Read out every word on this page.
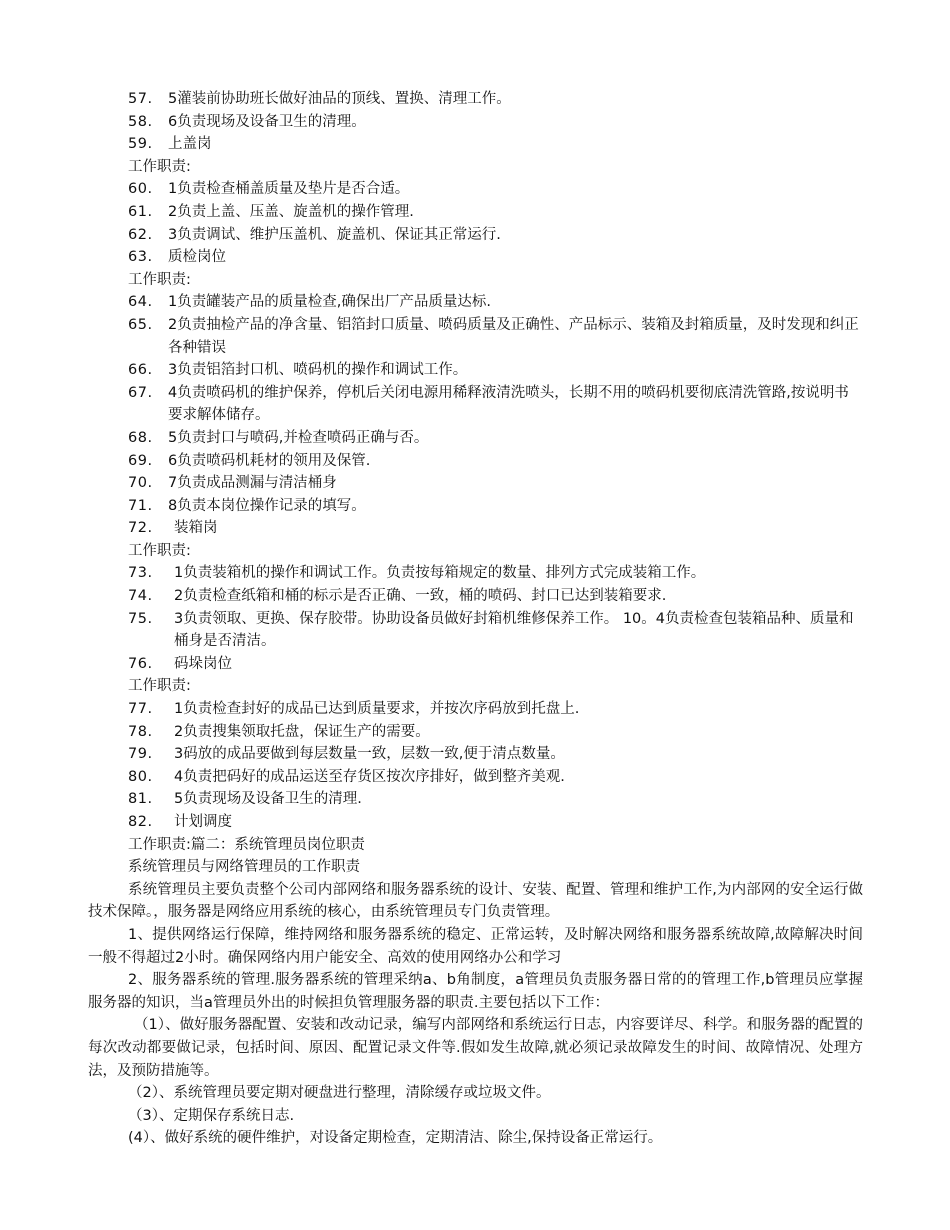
57.	5灌装前协助班长做好油品的顶线、置换、清理工作。
58.	6负责现场及设备卫生的清理。
59.	上盖岗
工作职责:
60.	1负责检查桶盖质量及垫片是否合适。
61.	2负责上盖、压盖、旋盖机的操作管理.
62.	3负责调试、维护压盖机、旋盖机、保证其正常运行.
63.	质检岗位
工作职责:
64.	1负责罐装产品的质量检查,确保出厂产品质量达标.
65.	2负责抽检产品的净含量、铝箔封口质量、喷码质量及正确性、产品标示、装箱及封箱质量，及时发现和纠正各种错误
66.	3负责铝箔封口机、喷码机的操作和调试工作。
67.	4负责喷码机的维护保养，停机后关闭电源用稀释液清洗喷头，长期不用的喷码机要彻底清洗管路,按说明书要求解体储存。
68.	5负责封口与喷码,并检查喷码正确与否。
69.	6负责喷码机耗材的领用及保管.
70.	7负责成品测漏与清洁桶身
71.	8负责本岗位操作记录的填写。
72.	装箱岗
工作职责:
73.	1负责装箱机的操作和调试工作。负责按每箱规定的数量、排列方式完成装箱工作。
74.	2负责检查纸箱和桶的标示是否正确、一致，桶的喷码、封口已达到装箱要求.
75.	3负责领取、更换、保存胶带。协助设备员做好封箱机维修保养工作。 10。4负责检查包装箱品种、质量和桶身是否清洁。
76.	码垛岗位
工作职责:
77.	1负责检查封好的成品已达到质量要求，并按次序码放到托盘上.
78.	2负责搜集领取托盘，保证生产的需要。
79.	3码放的成品要做到每层数量一致，层数一致,便于清点数量。
80.	4负责把码好的成品运送至存货区按次序排好，做到整齐美观.
81.	5负责现场及设备卫生的清理.
82.	计划调度
工作职责:篇二：系统管理员岗位职责
系统管理员与网络管理员的工作职责
系统管理员主要负责整个公司内部网络和服务器系统的设计、安装、配置、管理和维护工作,为内部网的安全运行做技术保障。，服务器是网络应用系统的核心，由系统管理员专门负责管理。
1、提供网络运行保障，维持网络和服务器系统的稳定、正常运转，及时解决网络和服务器系统故障,故障解决时间一般不得超过2小时。确保网络内用户能安全、高效的使用网络办公和学习
2、服务器系统的管理.服务器系统的管理采纳a、b角制度，a管理员负责服务器日常的的管理工作,b管理员应掌握服务器的知识，当a管理员外出的时候担负管理服务器的职责.主要包括以下工作：
（1）、做好服务器配置、安装和改动记录，编写内部网络和系统运行日志，内容要详尽、科学。和服务器的配置的每次改动都要做记录，包括时间、原因、配置记录文件等.假如发生故障,就必须记录故障发生的时间、故障情况、处理方法，及预防措施等。
（2）、系统管理员要定期对硬盘进行整理，清除缓存或垃圾文件。
（3）、定期保存系统日志.
(4）、做好系统的硬件维护，对设备定期检查，定期清洁、除尘,保持设备正常运行。
